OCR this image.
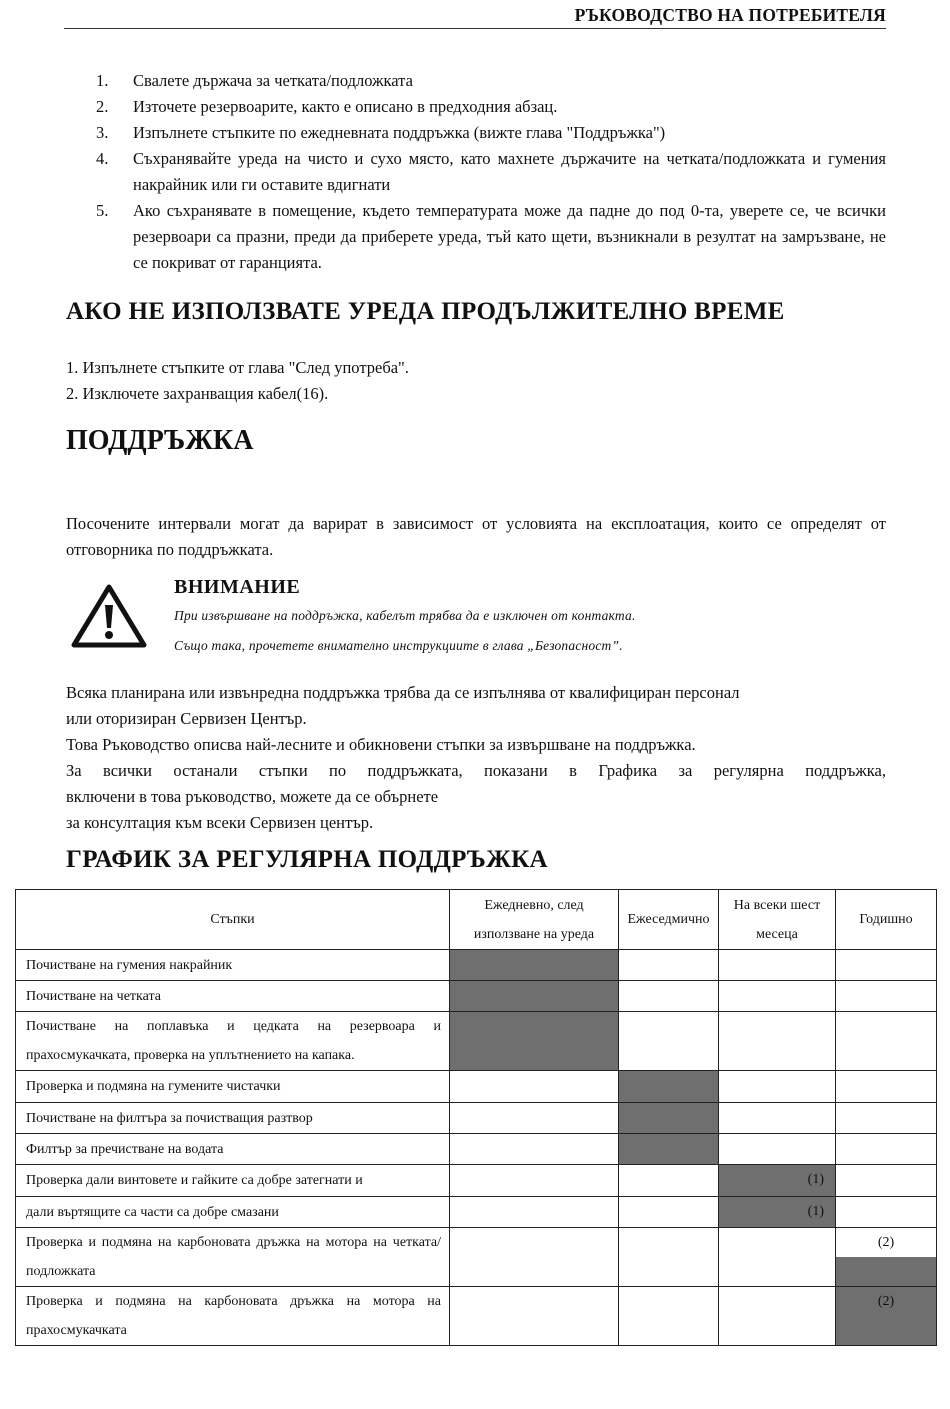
РЪКОВОДСТВО НА ПОТРЕБИТЕЛЯ
1.	Свалете държача за четката/подложката
2.	Източете резервоарите, както е описано в предходния абзац.
3.	Изпълнете стъпките по ежедневната поддръжка (вижте глава "Поддръжка")
4.	Съхранявайте уреда на чисто и сухо място, като махнете държачите на четката/подложката и гумения накрайник или ги оставите вдигнати
5.	Ако съхранявате в помещение, където температурата може да падне до под 0-та, уверете се, че всички резервоари са празни, преди да приберете уреда, тъй като щети, възникнали в резултат на замръзване, не се покриват от гаранцията.
АКО НЕ ИЗПОЛЗВАТЕ УРЕДА ПРОДЪЛЖИТЕЛНО ВРЕМЕ
1. Изпълнете стъпките от глава "След употреба".
2. Изключете захранващия кабел(16).
ПОДДРЪЖКА
Посочените интервали могат да варират в зависимост от условията на експлоатация, които се определят от отговорника по поддръжката.
ВНИМАНИЕ
При извършване на поддръжка, кабелът трябва да е изключен от контакта.
Също така, прочетете внимателно инструкциите в глава „Безопасност”.
Всяка планирана или извънредна поддръжка трябва да се изпълнява от квалифициран персонал
или оторизиран Сервизен Център.
Това Ръководство описва най-лесните и обикновени стъпки за извършване на поддръжка.
За всички останали стъпки по поддръжката, показани в Графика за регулярна поддръжка,
включени в това ръководство, можете да се обърнете
за консултация към всеки Сервизен център.
ГРАФИК ЗА РЕГУЛЯРНА ПОДДРЪЖКА
Стъпки	Ежедневно, след използване на уреда	Ежеседмично	На всеки шест месеца	Годишно
Почистване на гумения накрайник				
Почистване на четката				
Почистване на поплавъка и цедката на резервоара и прахосмукачката, проверка на уплътнението на капака.				
Проверка и подмяна на гумените чистачки				
Почистване на филтъра за почистващия разтвор				
Филтър за пречистване на водата				
Проверка дали винтовете и гайките са добре затегнати и			(1)	
дали въртящите са части са добре смазани			(1)	
Проверка и подмяна на карбоновата дръжка на мотора на четката/подложката				(2)

Проверка и подмяна на карбоновата дръжка на мотора на прахосмукачката				(2)
